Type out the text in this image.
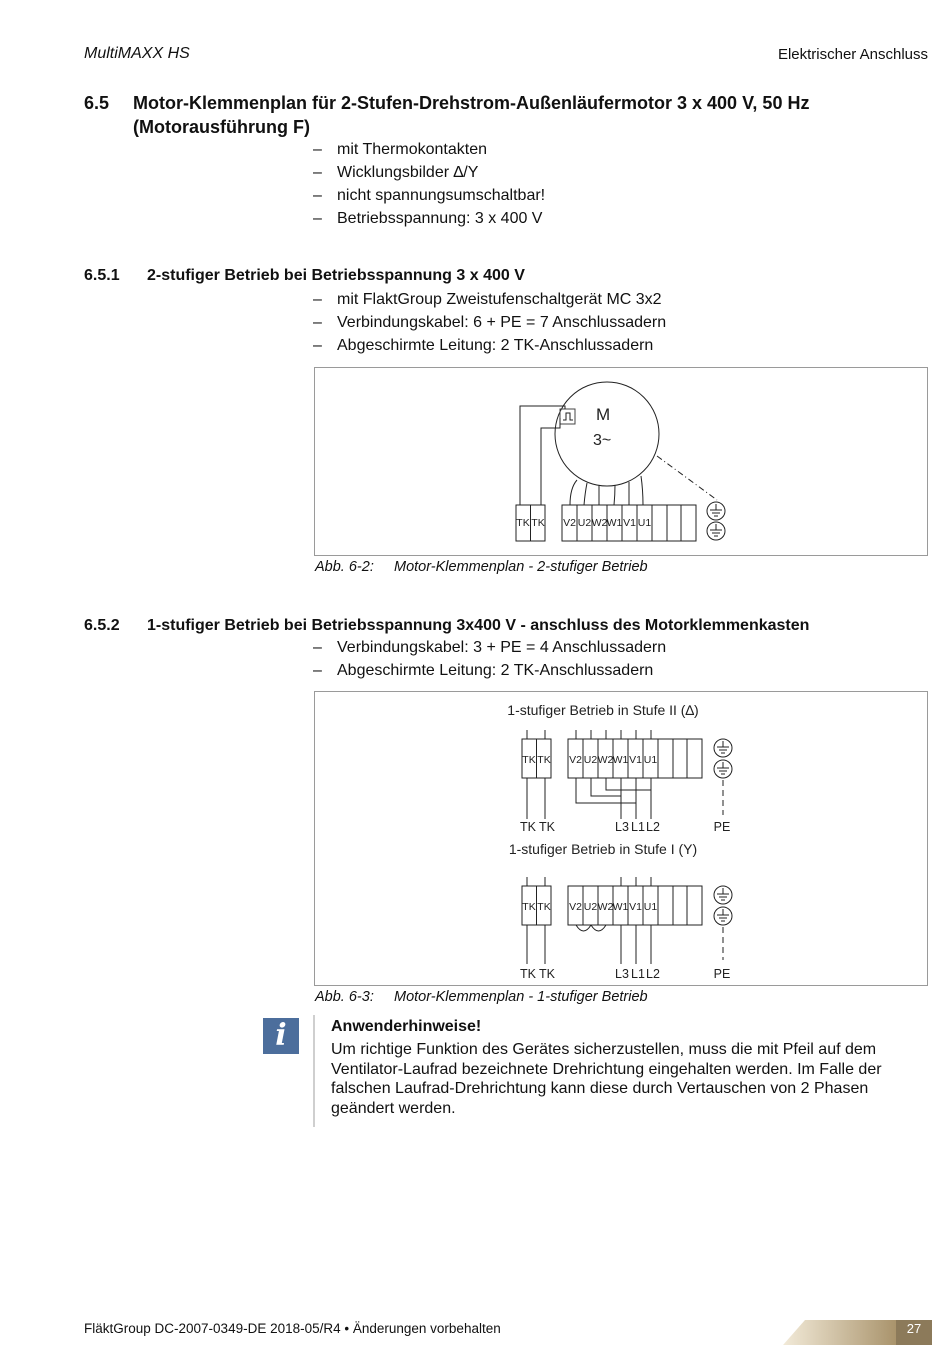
MultiMAXX HS	Elektrischer Anschluss
6.5 Motor-Klemmenplan für 2-Stufen-Drehstrom-Außenläufermotor 3 x 400 V, 50 Hz (Motorausführung F)
– mit Thermokontakten
– Wicklungsbilder ∆/Y
– nicht spannungsumschaltbar!
– Betriebsspannung: 3 x 400 V
6.5.1 2-stufiger Betrieb bei Betriebsspannung 3 x 400 V
– mit FlaktGroup Zweistufenschaltgerät MC 3x2
– Verbindungskabel: 6 + PE = 7 Anschlussadern
– Abgeschirmte Leitung: 2 TK-Anschlussadern
M
3~
TK TK V2 U2 W2 W1 V1 U1
Abb. 6-2: Motor-Klemmenplan - 2-stufiger Betrieb
6.5.2 1-stufiger Betrieb bei Betriebsspannung 3x400 V - anschluss des Motorklemmenkasten
– Verbindungskabel: 3 + PE = 4 Anschlussadern
– Abgeschirmte Leitung: 2 TK-Anschlussadern
1-stufiger Betrieb in Stufe II (∆)
1-stufiger Betrieb in Stufe I (Y)
TK TK V2 U2 W2 W1 V1 U1
TK TK	L3 L1 L2	PE
TK TK V2 U2 W2 W1 V1 U1
TK TK	L3 L1 L2	PE
Abb. 6-3: Motor-Klemmenplan - 1-stufiger Betrieb
i	Anwenderhinweise!
Um richtige Funktion des Gerätes sicherzustellen, muss die mit Pfeil auf dem Ventilator-Laufrad bezeichnete Drehrichtung eingehalten werden. Im Falle der falschen Laufrad-Drehrichtung kann diese durch Vertauschen von 2 Phasen geändert werden.
FläktGroup DC-2007-0349-DE 2018-05/R4 • Änderungen vorbehalten	27
